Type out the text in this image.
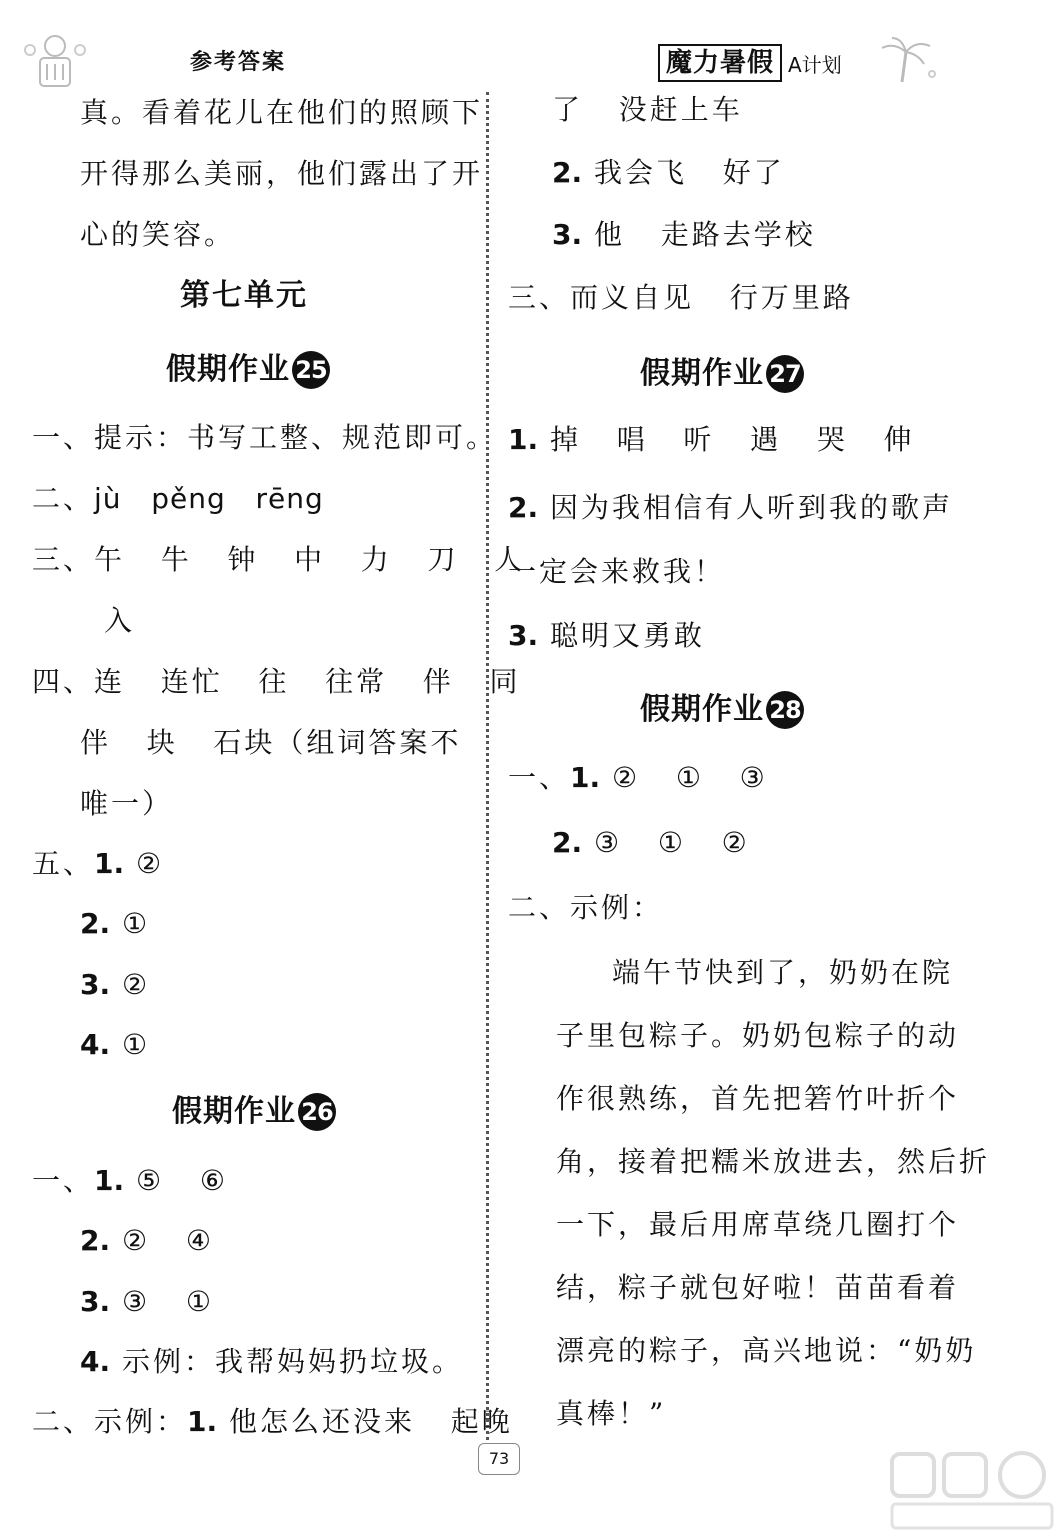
参考答案	魔力暑假 A计划
真。看着花儿在他们的照顾下
开得那么美丽，他们露出了开
心的笑容。
第七单元
假期作业 25
一、提示：书写工整、规范即可。
二、jù   pěng   rēng
三、午   牛   钟   中   力   刀   人
入
四、连   连忙   往   往常   伴   同
伴   块   石块（组词答案不
唯一）
五、1. ②
2. ①
3. ②
4. ①
假期作业 26
一、1. ⑤   ⑥
2. ②   ④
3. ③   ①
4. 示例：我帮妈妈扔垃圾。
二、示例：1. 他怎么还没来   起晚
了   没赶上车
2. 我会飞   好了
3. 他   走路去学校
三、而义自见   行万里路
假期作业 27
1. 掉   唱   听   遇   哭   伸
2. 因为我相信有人听到我的歌声
一定会来救我！
3. 聪明又勇敢
假期作业 28
一、1. ②   ①   ③
2. ③   ①   ②
二、示例：
端午节快到了，奶奶在院
子里包粽子。奶奶包粽子的动
作很熟练，首先把箬竹叶折个
角，接着把糯米放进去，然后折
一下，最后用席草绕几圈打个
结，粽子就包好啦！苗苗看着
漂亮的粽子，高兴地说：“奶奶
真棒！”
73
